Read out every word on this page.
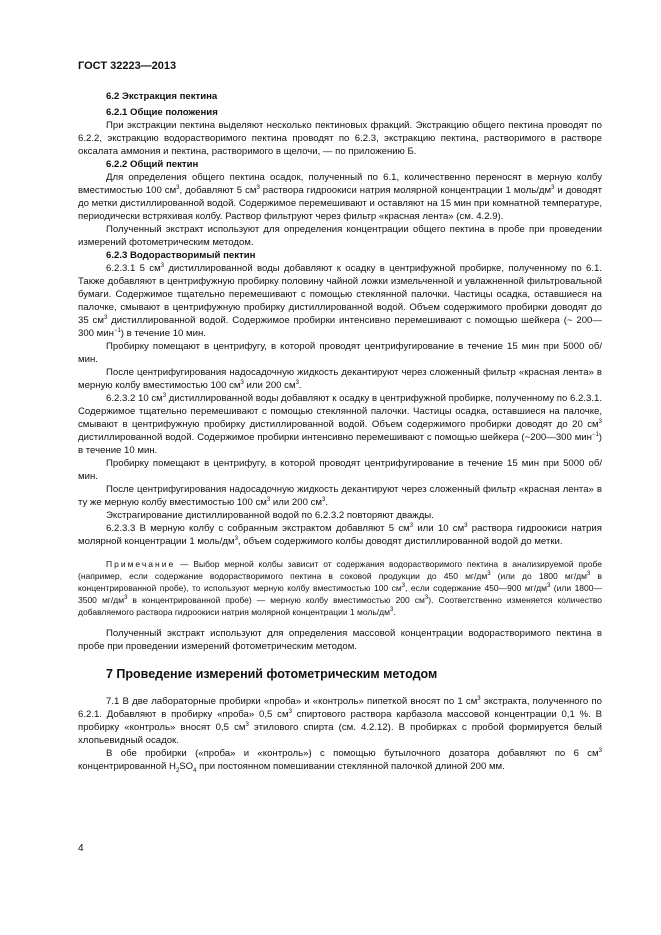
ГОСТ 32223—2013
6.2 Экстракция пектина
6.2.1 Общие положения

При экстракции пектина выделяют несколько пектиновых фракций. Экстракцию общего пектина проводят по 6.2.2, экстракцию водорастворимого пектина проводят по 6.2.3, экстракцию пектина, растворимого в растворе оксалата аммония и пектина, растворимого в щелочи, — по приложению Б.

6.2.2 Общий пектин

Для определения общего пектина осадок, полученный по 6.1, количественно переносят в мерную колбу вместимостью 100 $см^3$, добавляют 5 $см^3$ раствора гидроокиси натрия молярной концентрации 1 моль/$дм^3$ и доводят до метки дистиллированной водой. Содержимое перемешивают и оставляют на 15 мин при комнатной температуре, периодически встряхивая колбу. Раствор фильтруют через фильтр «красная лента» (см. 4.2.9).

Полученный экстракт используют для определения концентрации общего пектина в пробе при проведении измерений фотометрическим методом.

6.2.3 Водорастворимый пектин

6.2.3.1 5 $см^3$ дистиллированной воды добавляют к осадку в центрифужной пробирке, полученному по 6.1. Также добавляют в центрифужную пробирку половину чайной ложки измельченной и увлажненной фильтровальной бумаги. Содержимое тщательно перемешивают с помощью стеклянной палочки. Частицы осадка, оставшиеся на палочке, смывают в центрифужную пробирку дистиллированной водой. Объем содержимого пробирки доводят до 35 $см^3$ дистиллированной водой. Содержимое пробирки интенсивно перемешивают с помощью шейкера (~ 200—300 мин$^{-1}$) в течение 10 мин.

Пробирку помещают в центрифугу, в которой проводят центрифугирование в течение 15 мин при 5000 об/мин.

После центрифугирования надосадочную жидкость декантируют через сложенный фильтр «красная лента» в мерную колбу вместимостью 100 $см^3$ или 200 $см^3$.

6.2.3.2 10 $см^3$ дистиллированной воды добавляют к осадку в центрифужной пробирке, полученному по 6.2.3.1. Содержимое тщательно перемешивают с помощью стеклянной палочки. Частицы осадка, оставшиеся на палочке, смывают в центрифужную пробирку дистиллированной водой. Объем содержимого пробирки доводят до 20 $см^3$ дистиллированной водой. Содержимое пробирки интенсивно перемешивают с помощью шейкера (~200—300 мин$^{-1}$) в течение 10 мин.

Пробирку помещают в центрифугу, в которой проводят центрифугирование в течение 15 мин при 5000 об/мин.

После центрифугирования надосадочную жидкость декантируют через сложенный фильтр «красная лента» в ту же мерную колбу вместимостью 100 $см^3$ или 200 $см^3$.

Экстрагирование дистиллированной водой по 6.2.3.2 повторяют дважды.

6.2.3.3 В мерную колбу с собранным экстрактом добавляют 5 $см^3$ или 10 $см^3$ раствора гидроокиси натрия молярной концентрации 1 моль/$дм^3$, объем содержимого колбы доводят дистиллированной водой до метки.

Примечание — Выбор мерной колбы зависит от содержания водорастворимого пектина в анализируемой пробе (например, если содержание водорастворимого пектина в соковой продукции до 450 $мг/дм^3$ (или до 1800 $мг/дм^3$ в концентрированной пробе), то используют мерную колбу вместимостью 100 $см^3$, если содержание 450—900 $мг/дм^3$ (или 1800—3500 $мг/дм^3$ в концентрированной пробе) — мерную колбу вместимостью 200 $см^3$). Соответственно изменяется количество добавляемого раствора гидроокиси натрия молярной концентрации 1 моль/$дм^3$.

Полученный экстракт используют для определения массовой концентрации водорастворимого пектина в пробе при проведении измерений фотометрическим методом.

7 Проведение измерений фотометрическим методом

7.1 В две лабораторные пробирки «проба» и «контроль» пипеткой вносят по 1 $см^3$ экстракта, полученного по 6.2.1. Добавляют в пробирку «проба» 0,5 $см^3$ спиртового раствора карбазола массовой концентрации 0,1 %. В пробирку «контроль» вносят 0,5 $см^3$ этилового спирта (см. 4.2.12). В пробирках с пробой формируется белый хлопьевидный осадок.

В обе пробирки («проба» и «контроль») с помощью бутылочного дозатора добавляют по 6 $см^3$ концентрированной $H_2SO_4$ при постоянном помешивании стеклянной палочкой длиной 200 мм.

4
